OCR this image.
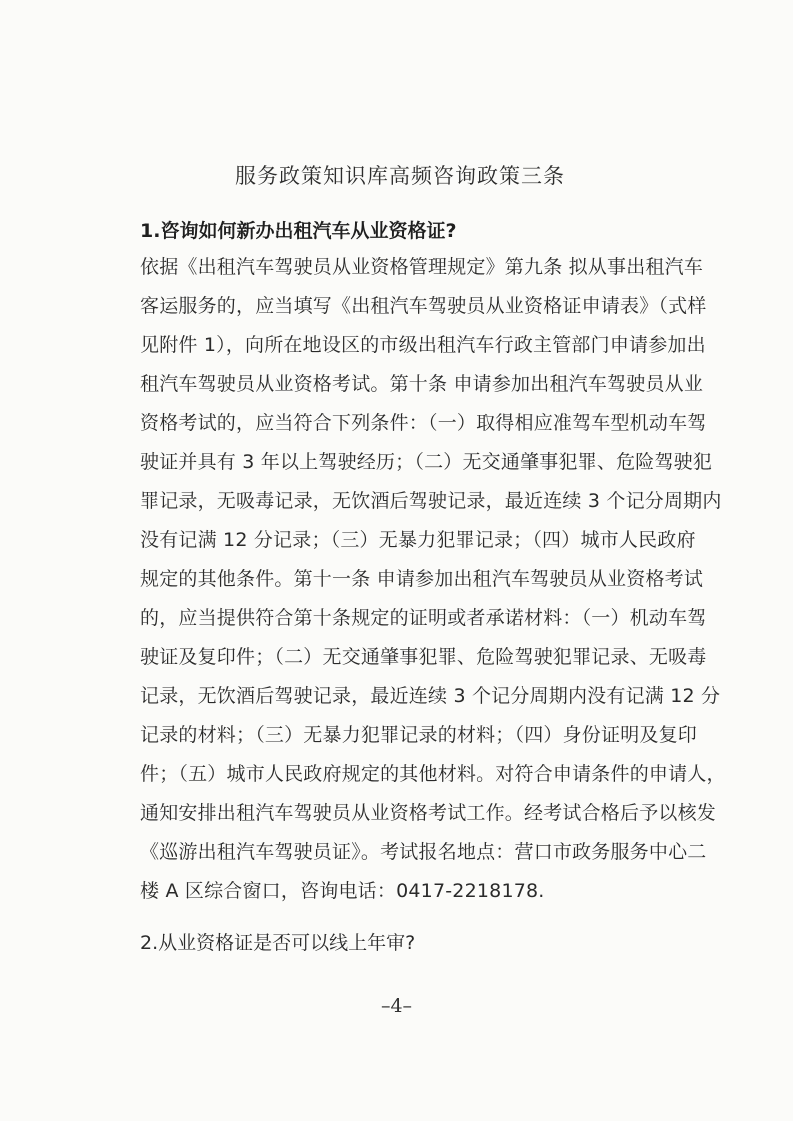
服务政策知识库高频咨询政策三条
1.咨询如何新办出租汽车从业资格证?
依据《出租汽车驾驶员从业资格管理规定》第九条 拟从事出租汽车
客运服务的，应当填写《出租汽车驾驶员从业资格证申请表》（式样
见附件 1），向所在地设区的市级出租汽车行政主管部门申请参加出
租汽车驾驶员从业资格考试。第十条 申请参加出租汽车驾驶员从业
资格考试的，应当符合下列条件：（一）取得相应准驾车型机动车驾
驶证并具有 3 年以上驾驶经历；（二）无交通肇事犯罪、危险驾驶犯
罪记录，无吸毒记录，无饮酒后驾驶记录，最近连续 3 个记分周期内
没有记满 12 分记录；（三）无暴力犯罪记录；（四）城市人民政府
规定的其他条件。第十一条 申请参加出租汽车驾驶员从业资格考试
的，应当提供符合第十条规定的证明或者承诺材料：（一）机动车驾
驶证及复印件；（二）无交通肇事犯罪、危险驾驶犯罪记录、无吸毒
记录，无饮酒后驾驶记录，最近连续 3 个记分周期内没有记满 12 分
记录的材料；（三）无暴力犯罪记录的材料；（四）身份证明及复印
件；（五）城市人民政府规定的其他材料。对符合申请条件的申请人，
通知安排出租汽车驾驶员从业资格考试工作。经考试合格后予以核发
《巡游出租汽车驾驶员证》。考试报名地点：营口市政务服务中心二
楼 A 区综合窗口，咨询电话：0417-2218178.
2.从业资格证是否可以线上年审?
–4–
